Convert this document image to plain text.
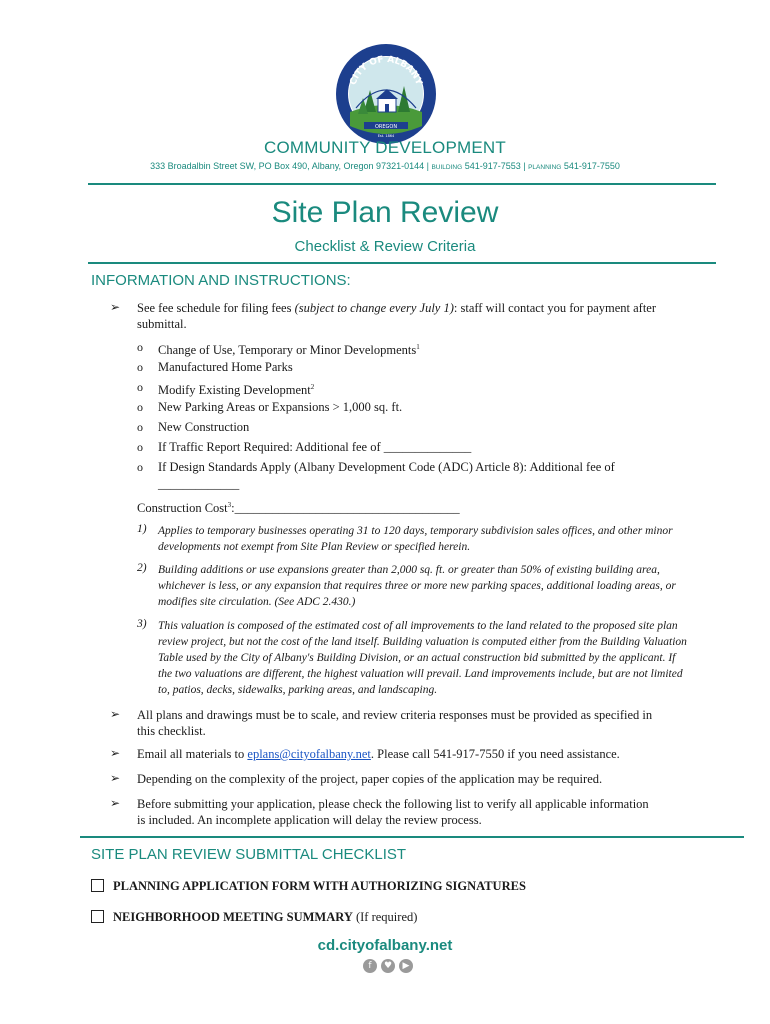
OREGON
Est. 1864
CITY OF ALBANY
COMMUNITY DEVELOPMENT
333 Broadalbin Street SW, PO Box 490, Albany, Oregon 97321-0144 | BUILDING 541-917-7553 | PLANNING 541-917-7550
Site Plan Review
Checklist & Review Criteria
INFORMATION AND INSTRUCTIONS:
➢ See fee schedule for filing fees (subject to change every July 1): staff will contact you for payment after
submittal.
o Change of Use, Temporary or Minor Developments$^1$
o Manufactured Home Parks
o Modify Existing Development$^2$
o New Parking Areas or Expansions > 1,000 sq. ft.
o New Construction
o If Traffic Report Required: Additional fee of ______________
o If Design Standards Apply (Albany Development Code (ADC) Article 8): Additional fee of
_____________
Construction Cost$^3$:____________________________________
1) Applies to temporary businesses operating 31 to 120 days, temporary subdivision sales offices, and other minor
developments not exempt from Site Plan Review or specified herein.
2) Building additions or use expansions greater than 2,000 sq. ft. or greater than 50% of existing building area,
whichever is less, or any expansion that requires three or more new parking spaces, additional loading areas, or
modifies site circulation. (See ADC 2.430.)
3) This valuation is composed of the estimated cost of all improvements to the land related to the proposed site plan
review project, but not the cost of the land itself. Building valuation is computed either from the Building Valuation
Table used by the City of Albany's Building Division, or an actual construction bid submitted by the applicant. If
the two valuations are different, the highest valuation will prevail. Land improvements include, but are not limited
to, patios, decks, sidewalks, parking areas, and landscaping.
➢ All plans and drawings must be to scale, and review criteria responses must be provided as specified in
this checklist.
➢ Email all materials to eplans@cityofalbany.net. Please call 541-917-7550 if you need assistance.
➢ Depending on the complexity of the project, paper copies of the application may be required.
➢ Before submitting your application, please check the following list to verify all applicable information
is included. An incomplete application will delay the review process.
SITE PLAN REVIEW SUBMITTAL CHECKLIST
PLANNING APPLICATION FORM WITH AUTHORIZING SIGNATURES
NEIGHBORHOOD MEETING SUMMARY (If required)
cd.cityofalbany.net
f	♥	▶
